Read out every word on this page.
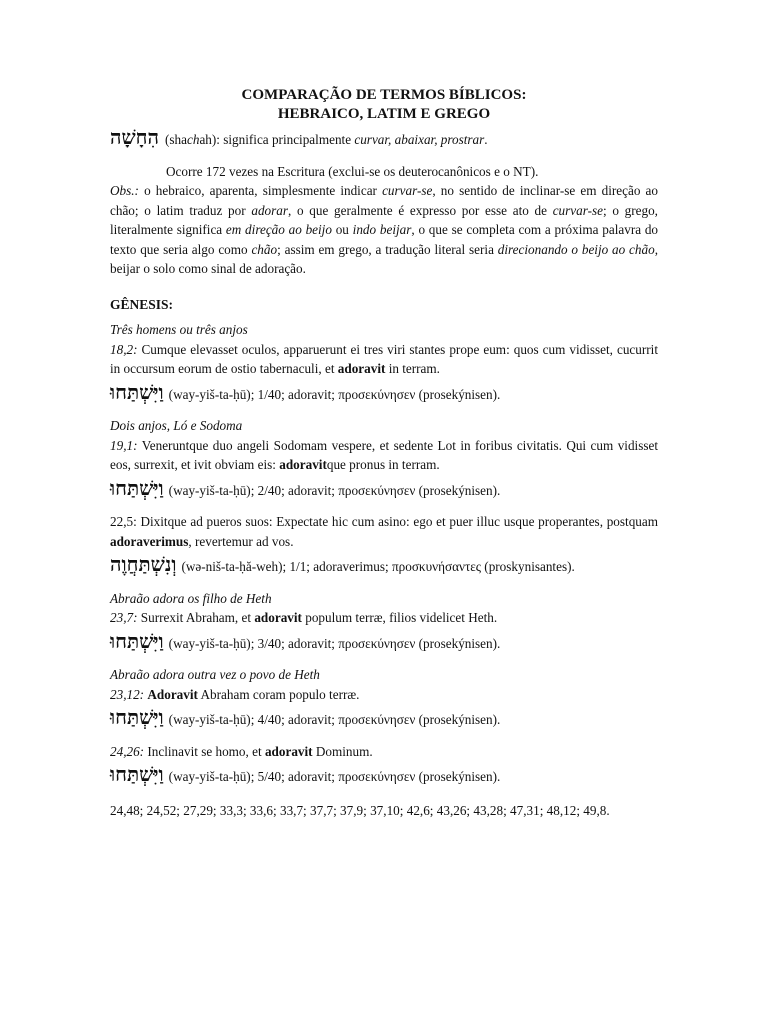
COMPARAÇÃO DE TERMOS BÍBLICOS:

HEBRAICO, LATIM E GREGO

הִחָשָׁה (shachah): significa principalmente curvar, abaixar, prostrar.
Ocorre 172 vezes na Escritura (exclui-se os deuterocanônicos e o NT).
Obs.: o hebraico, aparenta, simplesmente indicar curvar-se, no sentido de inclinar-se em direção ao chão; o latim traduz por adorar, o que geralmente é expresso por esse ato de curvar-se; o grego, literalmente significa em direção ao beijo ou indo beijar, o que se completa com a próxima palavra do texto que seria algo como chão; assim em grego, a tradução literal seria direcionando o beijo ao chão, beijar o solo como sinal de adoração.
GÊNESIS:
Três homens ou três anjos
18,2: Cumque elevasset oculos, apparuerunt ei tres viri stantes prope eum: quos cum vidisset, cucurrit in occursum eorum de ostio tabernaculi, et adoravit in terram.
וַיִּשְׁתַּחוּ (way-yiš-ta-ḥū); 1/40; adoravit; προσεκύνησεν (prosekýnisen).
Dois anjos, Ló e Sodoma
19,1: Veneruntque duo angeli Sodomam vespere, et sedente Lot in foribus civitatis. Qui cum vidisset eos, surrexit, et ivit obviam eis: adoravitque pronus in terram.
וַיִּשְׁתַּחוּ (way-yiš-ta-ḥū); 2/40; adoravit; προσεκύνησεν (prosekýnisen).
22,5: Dixitque ad pueros suos: Expectate hic cum asino: ego et puer illuc usque properantes, postquam adoraverimus, revertemur ad vos.
וְנִשְׁתַּחֲוֶה (wə-niš-ta-ḥă-weh); 1/1; adoraverimus; προσκυνήσαντες (proskynisantes).
Abraão adora os filho de Heth
23,7: Surrexit Abraham, et adoravit populum terræ, filios videlicet Heth.
וַיִּשְׁתַּחוּ (way-yiš-ta-ḥū); 3/40; adoravit; προσεκύνησεν (prosekýnisen).
Abraão adora outra vez o povo de Heth
23,12: Adoravit Abraham coram populo terræ.
וַיִּשְׁתַּחוּ (way-yiš-ta-ḥū); 4/40; adoravit; προσεκύνησεν (prosekýnisen).
24,26: Inclinavit se homo, et adoravit Dominum.
וַיִּשְׁתַּחוּ (way-yiš-ta-ḥū); 5/40; adoravit; προσεκύνησεν (prosekýnisen).
24,48; 24,52; 27,29; 33,3; 33,6; 33,7; 37,7; 37,9; 37,10; 42,6; 43,26; 43,28; 47,31; 48,12; 49,8.
